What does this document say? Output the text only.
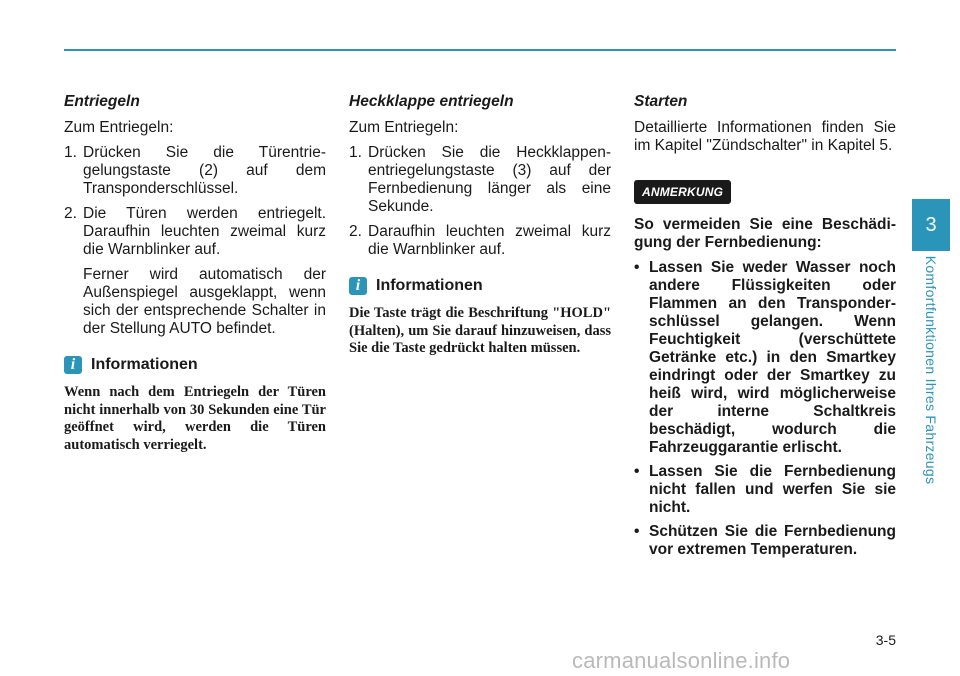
Entriegeln

Zum Entriegeln:

1. Drücken Sie die Türentrie-gelungstaste (2) auf dem Transponderschlüssel.
2. Die Türen werden entriegelt. Daraufhin leuchten zweimal kurz die Warnblinker auf.

Ferner wird automatisch der Außenspiegel ausgeklappt, wenn sich der entsprechende Schalter in der Stellung AUTO befindet.

i Informationen

Wenn nach dem Entriegeln der Türen nicht innerhalb von 30 Sekunden eine Tür geöffnet wird, werden die Türen automatisch verriegelt.

Heckklappe entriegeln

Zum Entriegeln:

1. Drücken Sie die Heckklappen-entriegelungstaste (3) auf der Fernbedienung länger als eine Sekunde.
2. Daraufhin leuchten zweimal kurz die Warnblinker auf.
i Informationen

Die Taste trägt die Beschriftung "HOLD" (Halten), um Sie darauf hinzuweisen, dass Sie die Taste gedrückt halten müssen.

Starten

Detaillierte Informationen finden Sie im Kapitel "Zündschalter" in Kapitel 5.

ANMERKUNG

So vermeiden Sie eine Beschädi-gung der Fernbedienung:

• Lassen Sie weder Wasser noch andere Flüssigkeiten oder Flammen an den Transponder-schlüssel gelangen. Wenn Feuchtigkeit (verschüttete Getränke etc.) in den Smartkey eindringt oder der Smartkey zu heiß wird, wird möglicherweise der interne Schaltkreis beschädigt, wodurch die Fahrzeuggarantie erlischt.
• Lassen Sie die Fernbedienung nicht fallen und werfen Sie sie nicht.
• Schützen Sie die Fernbedienung vor extremen Temperaturen.
3
Komfortfunktionen Ihres Fahrzeugs
3-5
carmanualsonline.info
